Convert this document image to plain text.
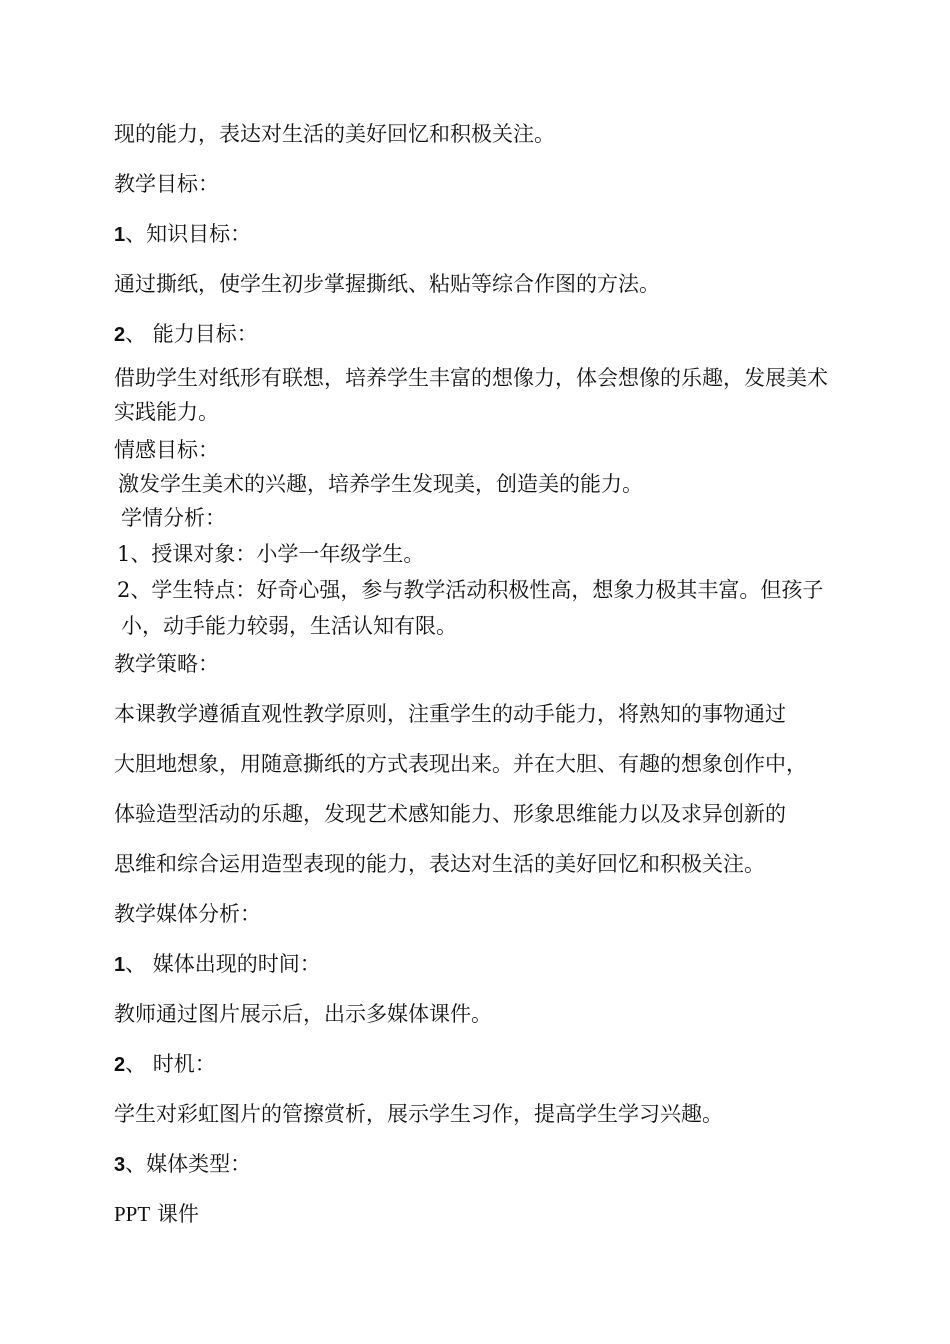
现的能力，表达对生活的美好回忆和积极关注。
教学目标：
1、知识目标：
通过撕纸，使学生初步掌握撕纸、粘贴等综合作图的方法。
2、 能力目标：
借助学生对纸形有联想，培养学生丰富的想像力，体会想像的乐趣，发展美术
实践能力。
情感目标：
激发学生美术的兴趣，培养学生发现美，创造美的能力。
学情分析：
1、授课对象：小学一年级学生。
2、学生特点：好奇心强，参与教学活动积极性高，想象力极其丰富。但孩子
小，动手能力较弱，生活认知有限。
教学策略：
本课教学遵循直观性教学原则，注重学生的动手能力，将熟知的事物通过
大胆地想象，用随意撕纸的方式表现出来。并在大胆、有趣的想象创作中，
体验造型活动的乐趣，发现艺术感知能力、形象思维能力以及求异创新的
思维和综合运用造型表现的能力，表达对生活的美好回忆和积极关注。
教学媒体分析：
1、 媒体出现的时间：
教师通过图片展示后，出示多媒体课件。
2、 时机：
学生对彩虹图片的管擦赏析，展示学生习作，提高学生学习兴趣。
3、媒体类型：
PPT 课件
